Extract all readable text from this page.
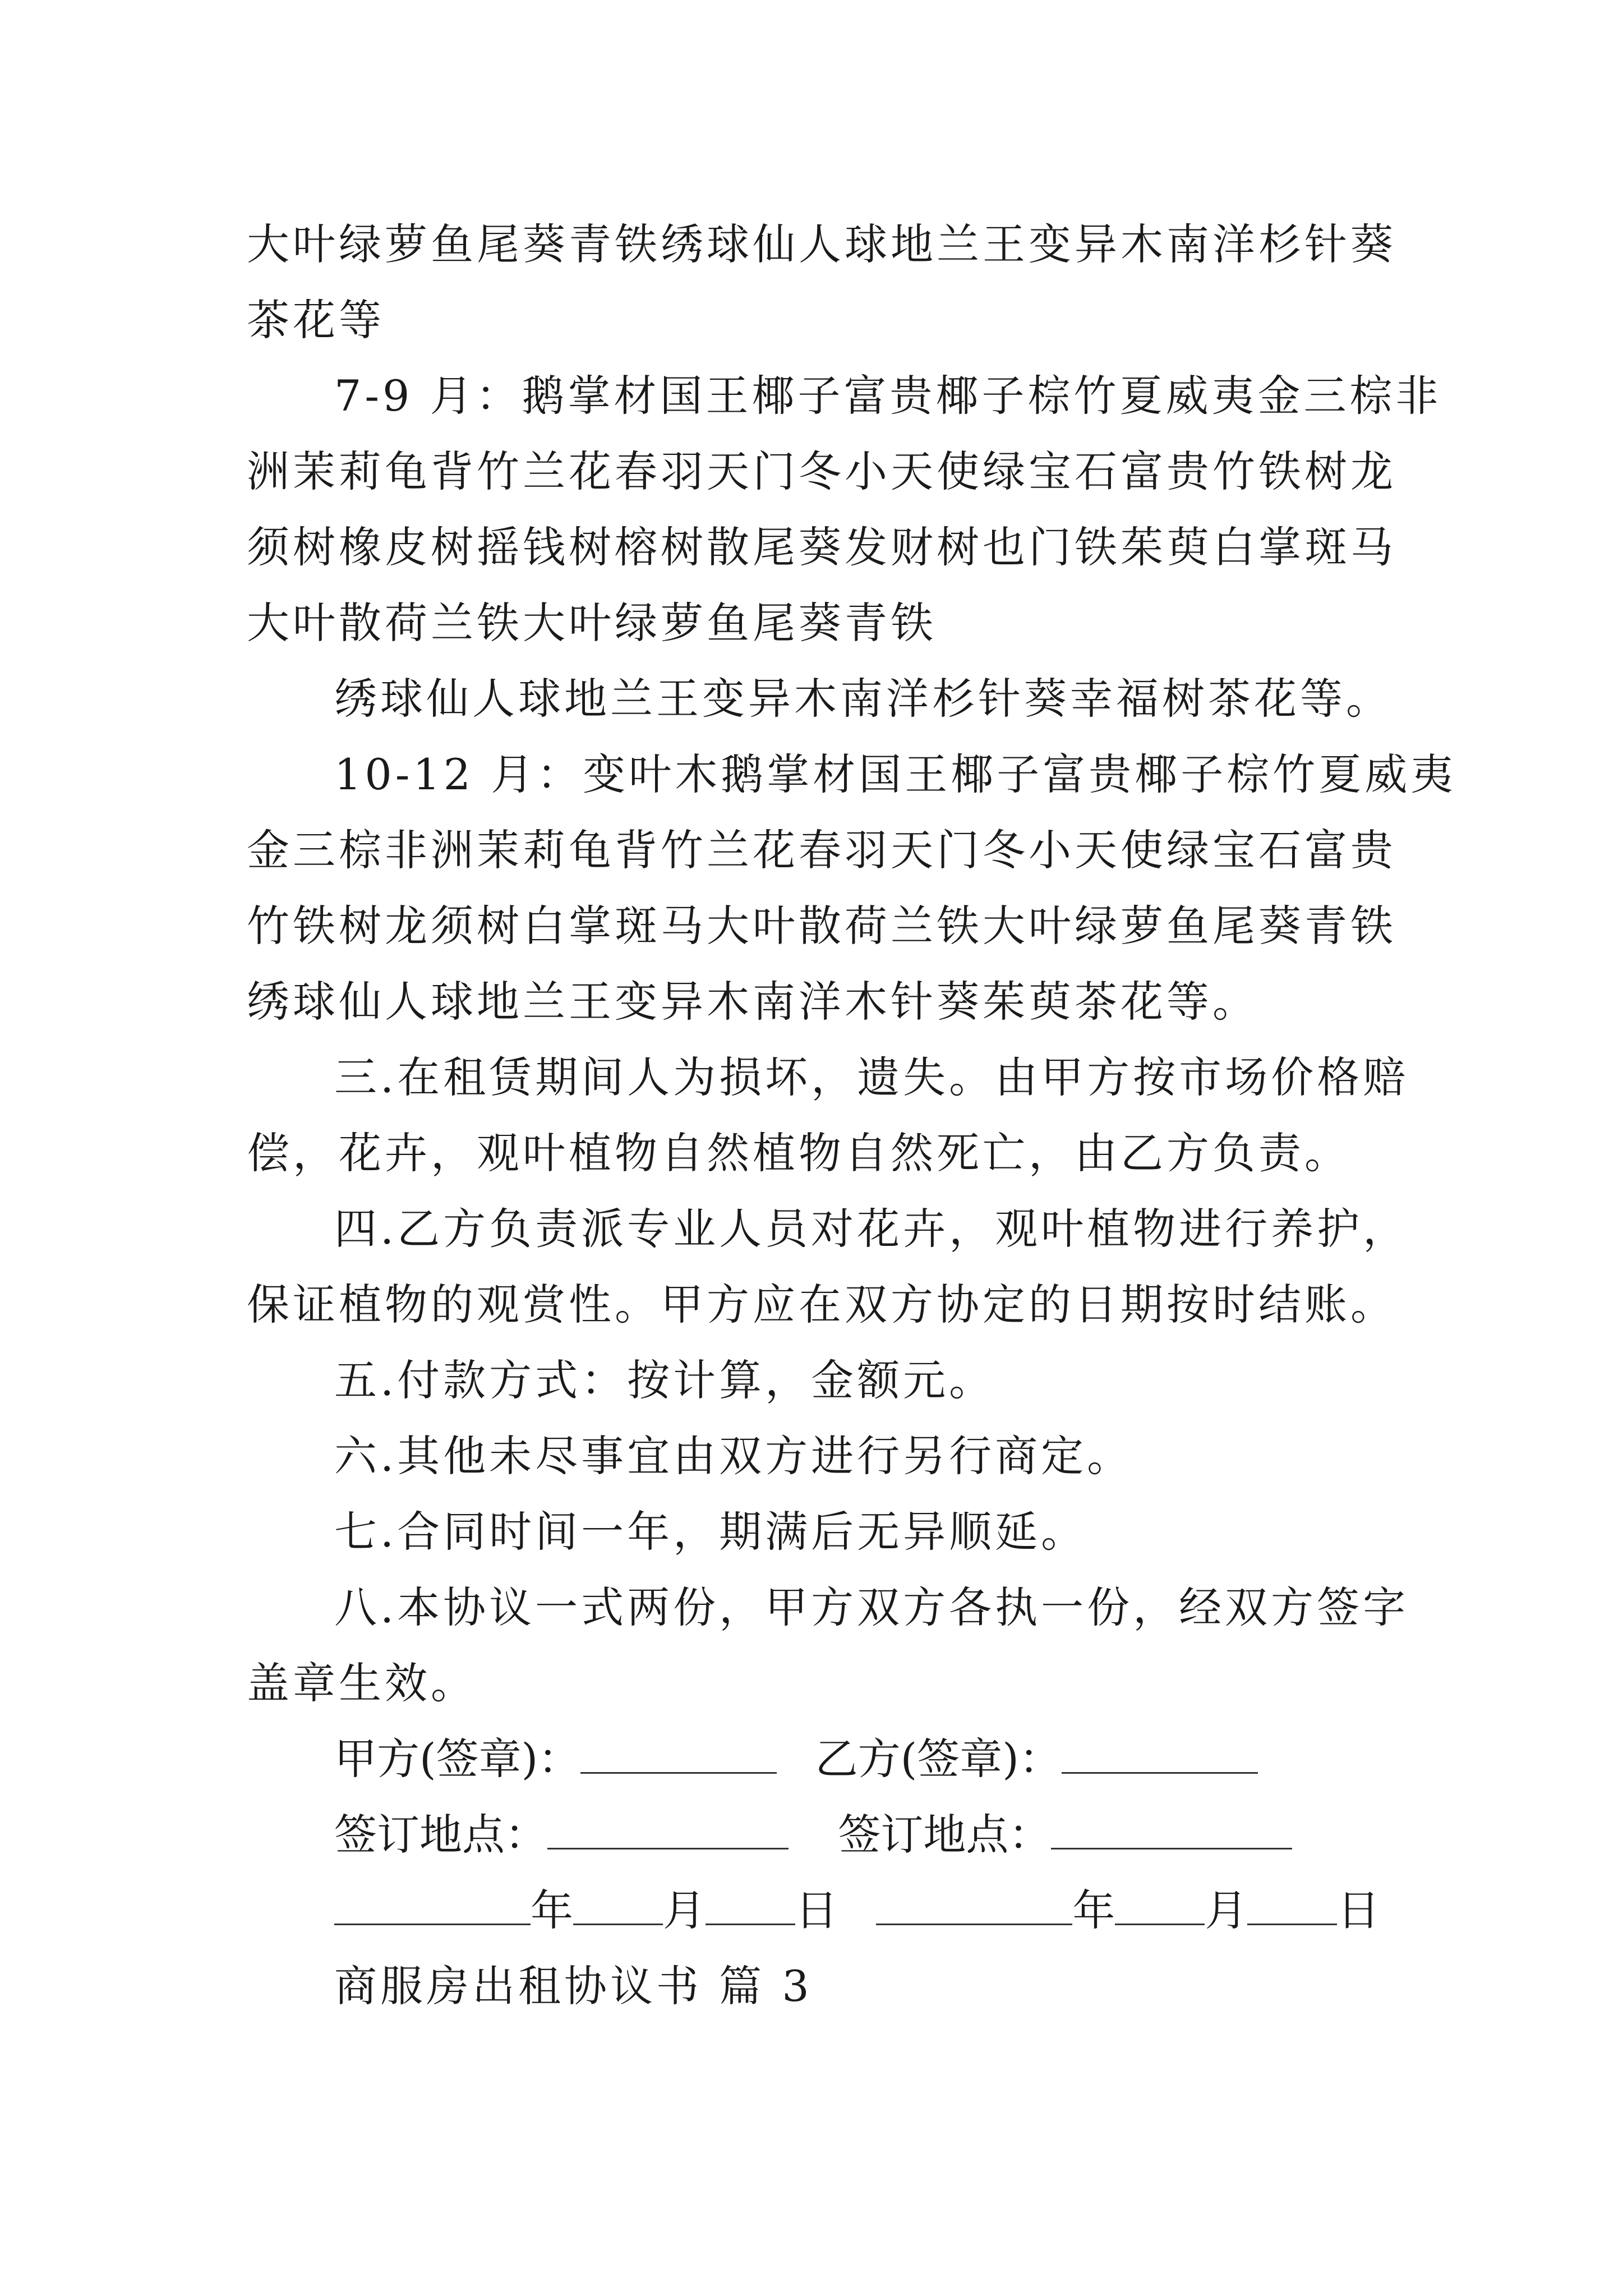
大叶绿萝鱼尾葵青铁绣球仙人球地兰王变异木南洋杉针葵
茶花等
7-9 月：鹅掌材国王椰子富贵椰子棕竹夏威夷金三棕非
洲茉莉龟背竹兰花春羽天门冬小天使绿宝石富贵竹铁树龙
须树橡皮树摇钱树榕树散尾葵发财树也门铁茱萸白掌斑马
大叶散荷兰铁大叶绿萝鱼尾葵青铁
绣球仙人球地兰王变异木南洋杉针葵幸福树茶花等。
10-12 月：变叶木鹅掌材国王椰子富贵椰子棕竹夏威夷
金三棕非洲茉莉龟背竹兰花春羽天门冬小天使绿宝石富贵
竹铁树龙须树白掌斑马大叶散荷兰铁大叶绿萝鱼尾葵青铁
绣球仙人球地兰王变异木南洋木针葵茱萸茶花等。
三.在租赁期间人为损坏，遗失。由甲方按市场价格赔
偿，花卉，观叶植物自然植物自然死亡，由乙方负责。
四.乙方负责派专业人员对花卉，观叶植物进行养护，
保证植物的观赏性。甲方应在双方协定的日期按时结账。
五.付款方式：按计算，金额元。
六.其他未尽事宜由双方进行另行商定。
七.合同时间一年，期满后无异顺延。
八.本协议一式两份，甲方双方各执一份，经双方签字
盖章生效。
甲方(签章)：	乙方(签章)：
签订地点：	签订地点：
年 月 日	年 月 日
商服房出租协议书 篇 3
